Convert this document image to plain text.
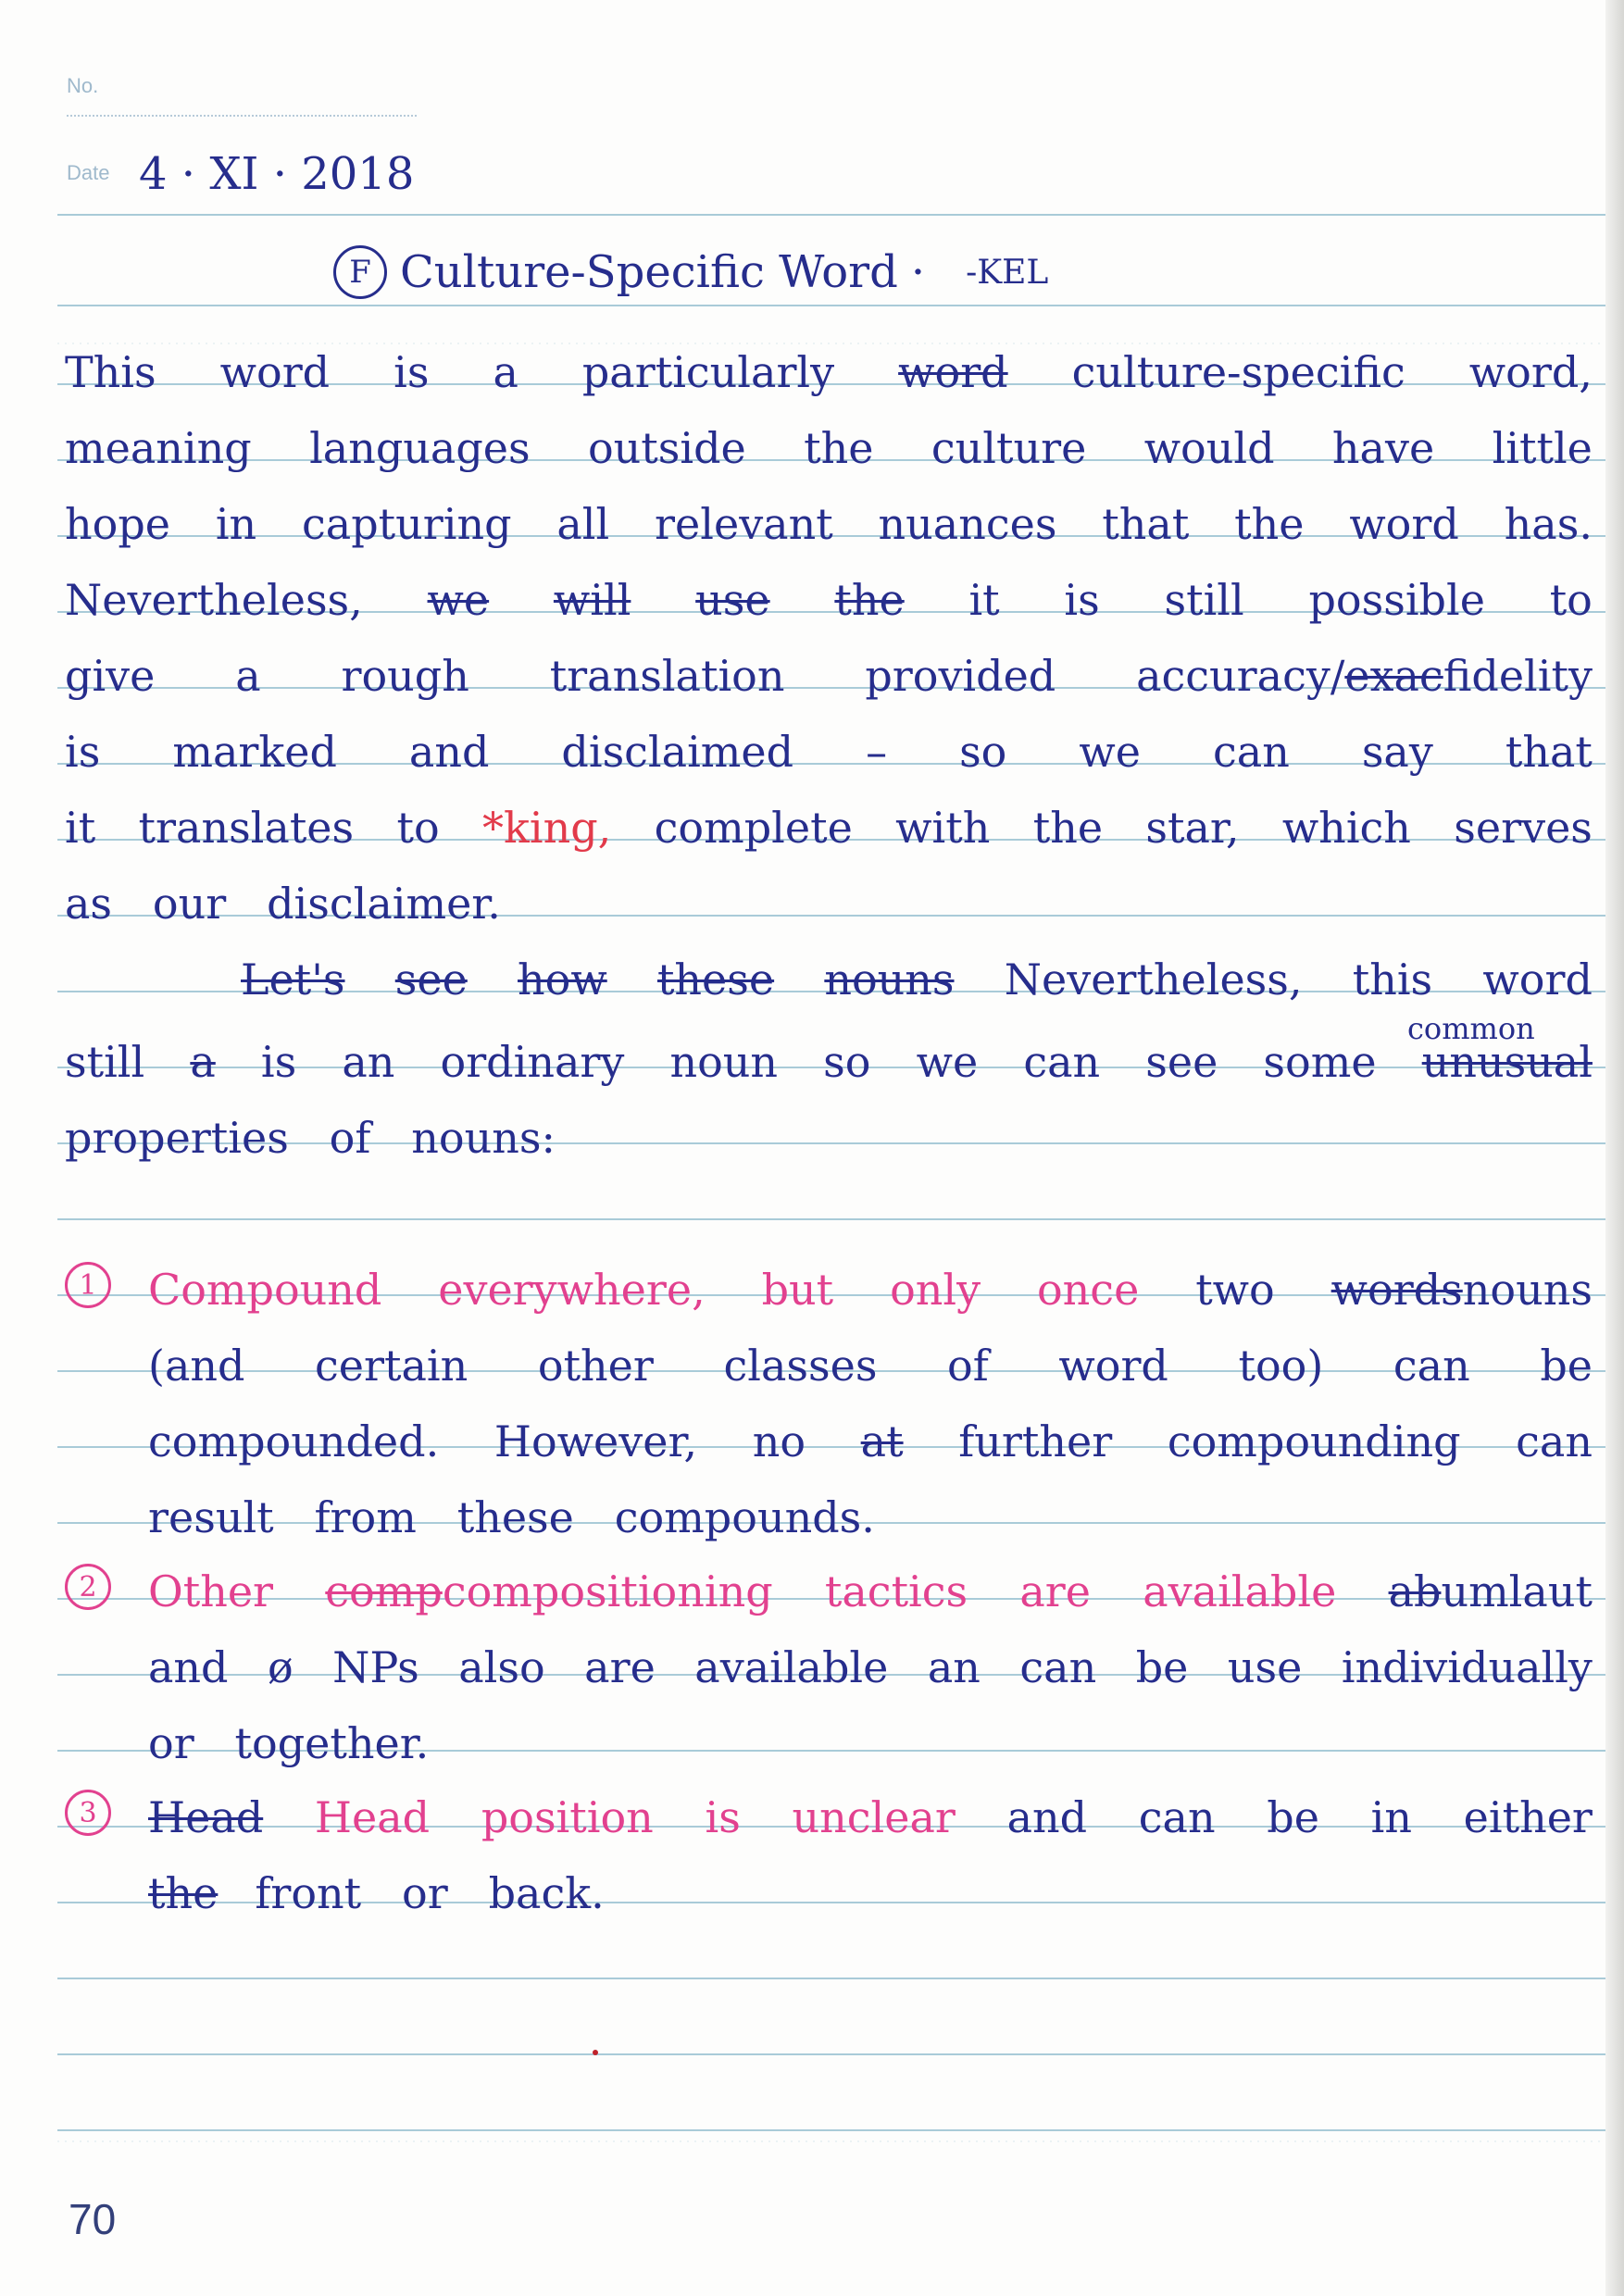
No.
Date 4 · XI · 2018
F Culture-Specific Word · -KEL
This word is a particularly word culture-specific word,
meaning languages outside the culture would have little
hope in capturing all relevant nuances that the word has.
Nevertheless, we will use the it is still possible to
give a rough translation provided accuracy/exacfidelity
is marked and disclaimed – so we can say that
it translates to *king, complete with the star, which serves
as   our   disclaimer.
Let's see how these nouns Nevertheless, this word
common
still a is an ordinary noun so we can see some unusual
properties   of   nouns:
1	Compound everywhere, but only once two wordsnouns
(and certain other classes of word too) can be
compounded. However, no at further compounding can
result   from   these   compounds.
2	Other compcompositioning tactics are available abumlaut
and ø NPs also are available an can be use individually
or   together.
3	Head Head position is unclear and can be in either
the front   or   back.
70
